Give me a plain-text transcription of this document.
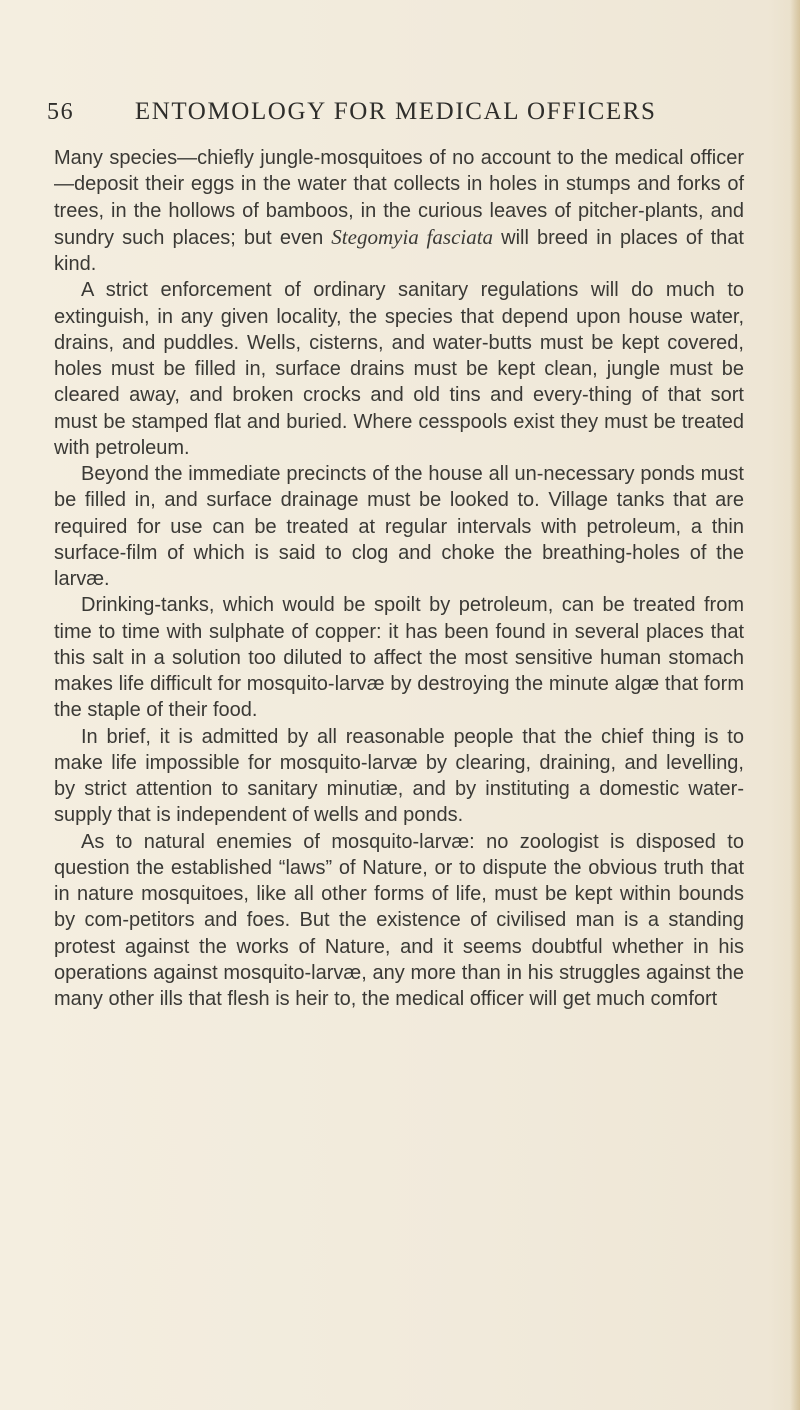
56 ENTOMOLOGY FOR MEDICAL OFFICERS

Many species—chiefly jungle-mosquitoes of no account to the medical officer—deposit their eggs in the water that collects in holes in stumps and forks of trees, in the hollows of bamboos, in the curious leaves of pitcher-plants, and sundry such places; but even Stegomyia fasciata will breed in places of that kind.

A strict enforcement of ordinary sanitary regulations will do much to extinguish, in any given locality, the species that depend upon house water, drains, and puddles. Wells, cisterns, and water-butts must be kept covered, holes must be filled in, surface drains must be kept clean, jungle must be cleared away, and broken crocks and old tins and every-thing of that sort must be stamped flat and buried. Where cesspools exist they must be treated with petroleum.

Beyond the immediate precincts of the house all un-necessary ponds must be filled in, and surface drainage must be looked to. Village tanks that are required for use can be treated at regular intervals with petroleum, a thin surface-film of which is said to clog and choke the breathing-holes of the larvæ.

Drinking-tanks, which would be spoilt by petroleum, can be treated from time to time with sulphate of copper: it has been found in several places that this salt in a solution too diluted to affect the most sensitive human stomach makes life difficult for mosquito-larvæ by destroying the minute algæ that form the staple of their food.

In brief, it is admitted by all reasonable people that the chief thing is to make life impossible for mosquito-larvæ by clearing, draining, and levelling, by strict attention to sanitary minutiæ, and by instituting a domestic water-supply that is independent of wells and ponds.

As to natural enemies of mosquito-larvæ: no zoologist is disposed to question the established “laws” of Nature, or to dispute the obvious truth that in nature mosquitoes, like all other forms of life, must be kept within bounds by com-petitors and foes. But the existence of civilised man is a standing protest against the works of Nature, and it seems doubtful whether in his operations against mosquito-larvæ, any more than in his struggles against the many other ills that flesh is heir to, the medical officer will get much comfort
